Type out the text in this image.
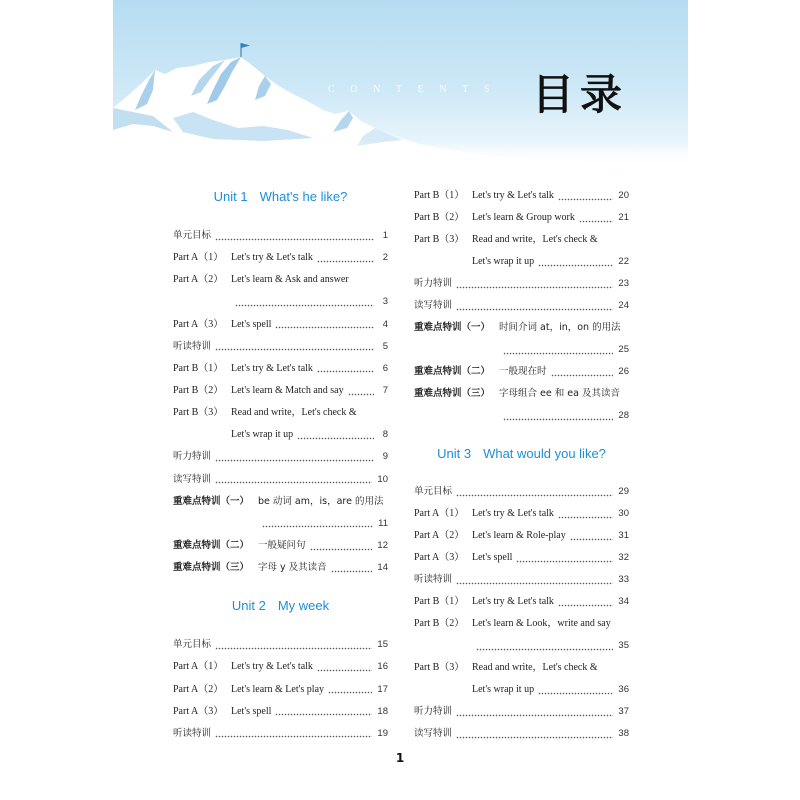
CONTENTS 目录
Unit 1 What's he like?
单元目标	1
Part A（1） Let's try & Let's talk	2
Part A（2） Let's learn & Ask and answer
3
Part A（3） Let's spell	4
听读特训	5
Part B（1） Let's try & Let's talk	6
Part B（2） Let's learn & Match and say	7
Part B（3） Read and write，Let's check &
Let's wrap it up	8
听力特训	9
读写特训	10
重难点特训（一） be 动词 am，is，are 的用法
11
重难点特训（二） 一般疑问句	12
重难点特训（三） 字母 y 及其读音	14
Unit 2 My week
单元目标	15
Part A（1） Let's try & Let's talk	16
Part A（2） Let's learn & Let's play	17
Part A（3） Let's spell	18
听读特训	19
Part B（1） Let's try & Let's talk	20
Part B（2） Let's learn & Group work	21
Part B（3） Read and write，Let's check &
Let's wrap it up	22
听力特训	23
读写特训	24
重难点特训（一） 时间介词 at，in，on 的用法
25
重难点特训（二） 一般现在时	26
重难点特训（三） 字母组合 ee 和 ea 及其读音
28
Unit 3 What would you like?
单元目标	29
Part A（1） Let's try & Let's talk	30
Part A（2） Let's learn & Role-play	31
Part A（3） Let's spell	32
听读特训	33
Part B（1） Let's try & Let's talk	34
Part B（2） Let's learn & Look，write and say
35
Part B（3） Read and write，Let's check &
Let's wrap it up	36
听力特训	37
读写特训	38
1
